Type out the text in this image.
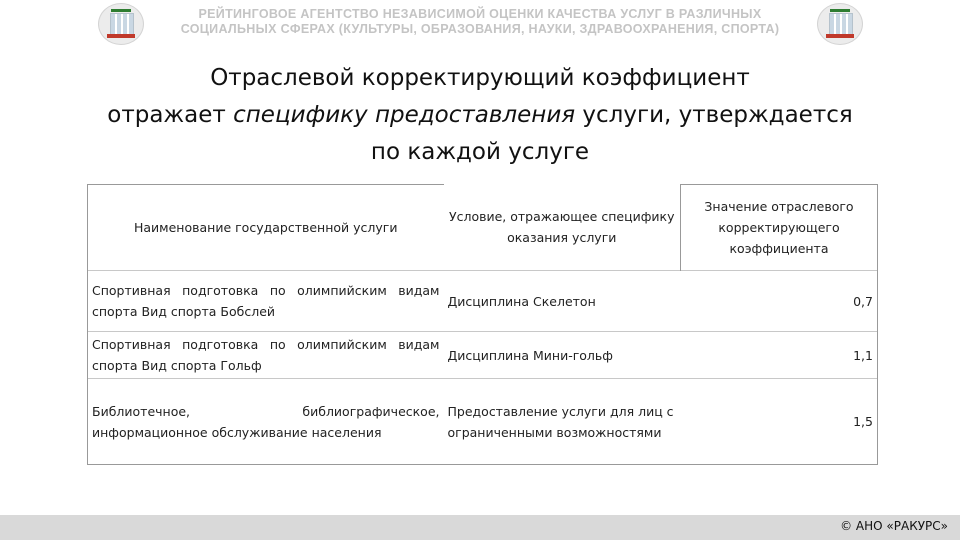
РЕЙТИНГОВОЕ АГЕНТСТВО НЕЗАВИСИМОЙ ОЦЕНКИ КАЧЕСТВА УСЛУГ В РАЗЛИЧНЫХ
СОЦИАЛЬНЫХ СФЕРАХ (КУЛЬТУРЫ, ОБРАЗОВАНИЯ, НАУКИ, ЗДРАВООХРАНЕНИЯ, СПОРТА)
Отраслевой корректирующий коэффициент
отражает специфику предоставления услуги, утверждается
по каждой услуге
Наименование государственной услуги	Условие, отражающее специфику оказания услуги	Значение отраслевого корректирующего коэффициента
Спортивная подготовка по олимпийским видам спорта Вид спорта Бобслей	Дисциплина Скелетон	0,7
Спортивная подготовка по олимпийским видам спорта Вид спорта Гольф	Дисциплина Мини-гольф	1,1
Библиотечное, библиографическое, информационное обслуживание населения	Предоставление услуги для лиц с ограниченными возможностями	1,5
© АНО «РАКУРС»
